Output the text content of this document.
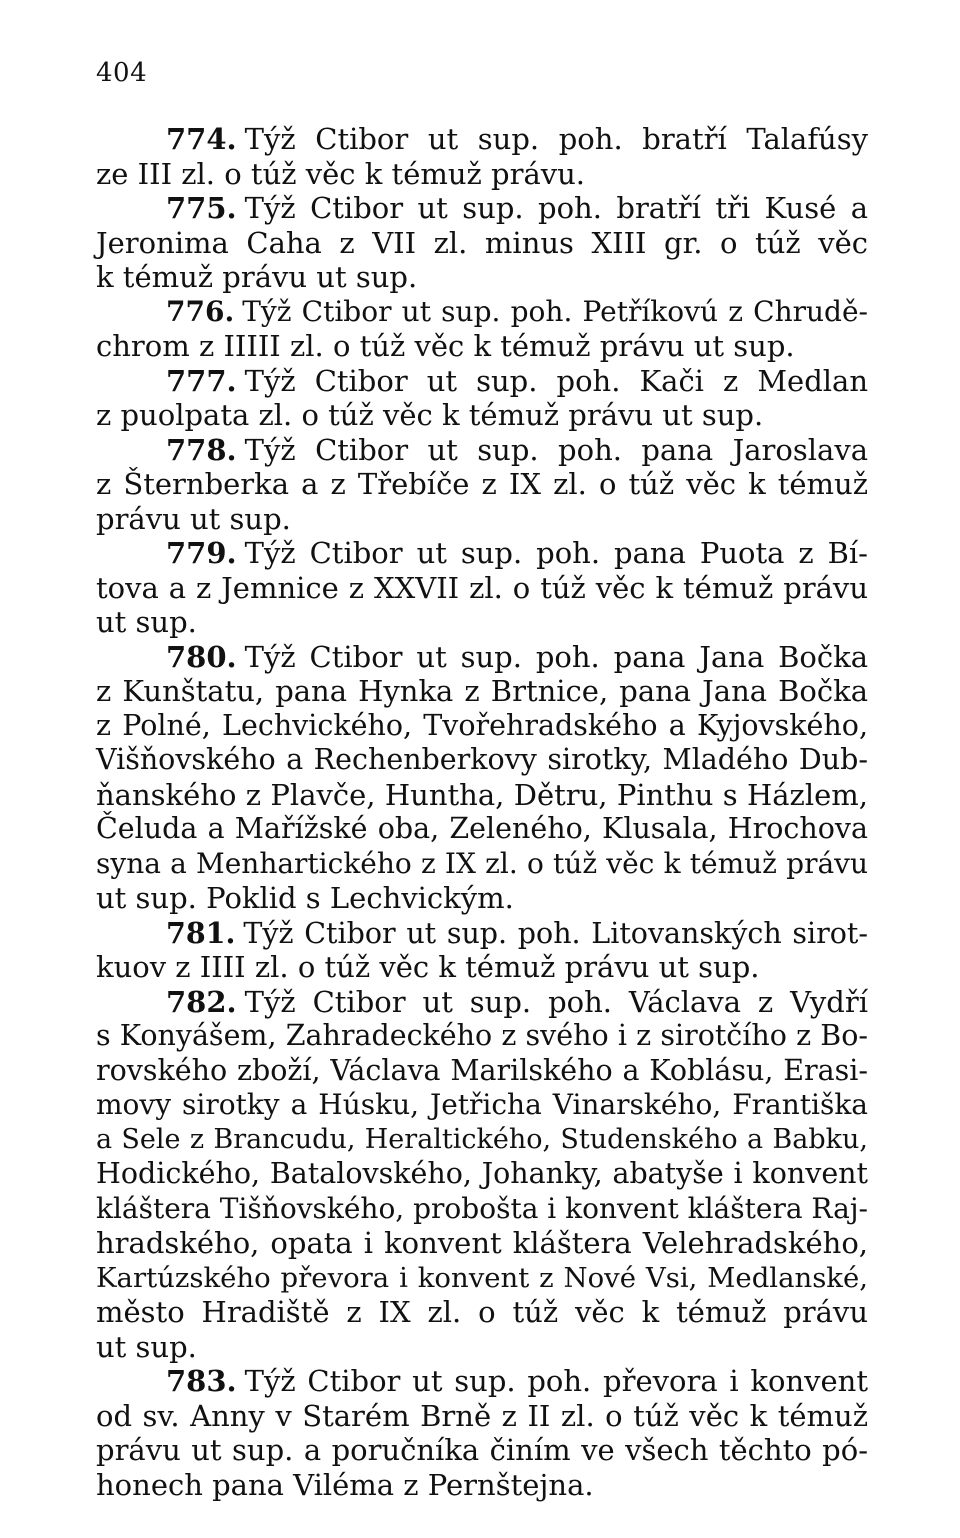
404
774. Týž Ctibor ut sup. poh. bratří Talafúsy
ze III zl. o túž věc k témuž právu.
775. Týž Ctibor ut sup. poh. bratří tři Kusé a
Jeronima Caha z VII zl. minus XIII gr. o túž věc
k témuž právu ut sup.
776. Týž Ctibor ut sup. poh. Petříkovú z Chrudě-
chrom z IIIII zl. o túž věc k témuž právu ut sup.
777. Týž Ctibor ut sup. poh. Kači z Medlan
z puolpata zl. o túž věc k témuž právu ut sup.
778. Týž Ctibor ut sup. poh. pana Jaroslava
z Šternberka a z Třebíče z IX zl. o túž věc k témuž
právu ut sup.
779. Týž Ctibor ut sup. poh. pana Puota z Bí-
tova a z Jemnice z XXVII zl. o túž věc k témuž právu
ut sup.
780. Týž Ctibor ut sup. poh. pana Jana Bočka
z Kunštatu, pana Hynka z Brtnice, pana Jana Bočka
z Polné, Lechvického, Tvořehradského a Kyjovského,
Višňovského a Rechenberkovy sirotky, Mladého Dub-
ňanského z Plavče, Huntha, Dětru, Pinthu s Házlem,
Čeluda a Mařížské oba, Zeleného, Klusala, Hrochova
syna a Menhartického z IX zl. o túž věc k témuž právu
ut sup. Poklid s Lechvickým.
781. Týž Ctibor ut sup. poh. Litovanských sirot-
kuov z IIII zl. o túž věc k témuž právu ut sup.
782. Týž Ctibor ut sup. poh. Václava z Vydří
s Konyášem, Zahradeckého z svého i z sirotčího z Bo-
rovského zboží, Václava Marilského a Koblásu, Erasi-
movy sirotky a Húsku, Jetřicha Vinarského, Františka
a Sele z Brancudu, Heraltického, Studenského a Babku,
Hodického, Batalovského, Johanky, abatyše i konvent
kláštera Tišňovského, probošta i konvent kláštera Raj-
hradského, opata i konvent kláštera Velehradského,
Kartúzského převora i konvent z Nové Vsi, Medlanské,
město Hradiště z IX zl. o túž věc k témuž právu
ut sup.
783. Týž Ctibor ut sup. poh. převora i konvent
od sv. Anny v Starém Brně z II zl. o túž věc k témuž
právu ut sup. a poručníka činím ve všech těchto pó-
honech pana Viléma z Pernštejna.
